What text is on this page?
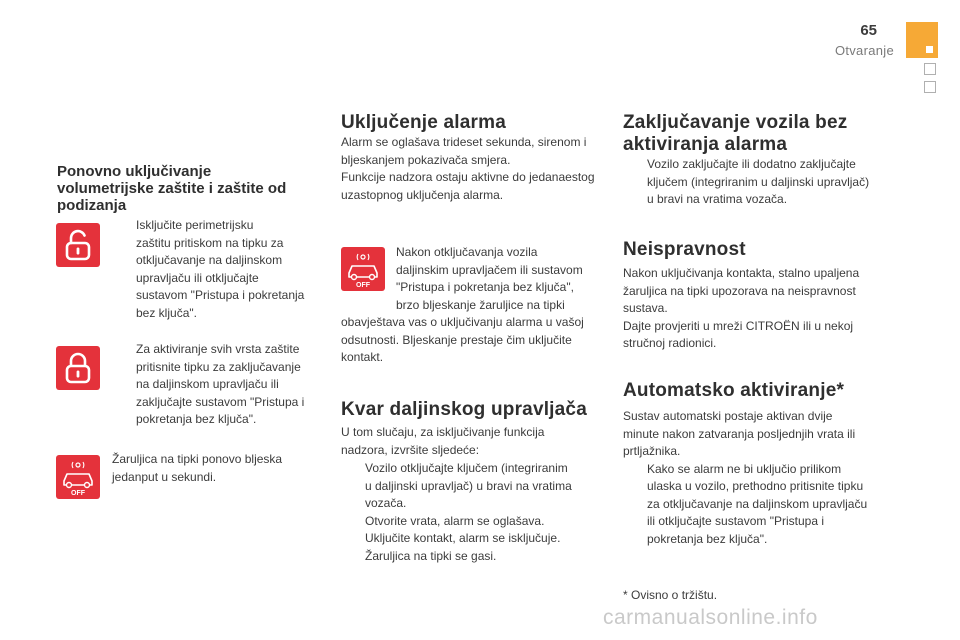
65
Otvaranje
Ponovno uključivanje volumetrijske zaštite i zaštite od podizanja
Isključite perimetrijsku
zaštitu pritiskom na tipku za
otključavanje na daljinskom
upravljaču ili otključajte
sustavom "Pristupa i pokretanja
bez ključa".
Za aktiviranje svih vrsta zaštite
pritisnite tipku za zaključavanje
na daljinskom upravljaču ili
zaključajte sustavom "Pristupa i
pokretanja bez ključa".
OFF
Žaruljica na tipki ponovo bljeska
jedanput u sekundi.
Uključenje alarma
Alarm se oglašava trideset sekunda, sirenom i
bljeskanjem pokazivača smjera.
Funkcije nadzora ostaju aktivne do jedanaestog
uzastopnog uključenja alarma.
OFF
Nakon otključavanja vozila
daljinskim upravljačem ili sustavom
"Pristupa i pokretanja bez ključa",
brzo bljeskanje žaruljice na tipki
obavještava vas o uključivanju alarma u vašoj
odsutnosti. Bljeskanje prestaje čim uključite
kontakt.
Kvar daljinskog upravljača
U tom slučaju, za isključivanje funkcija
nadzora, izvršite sljedeće:
Vozilo otključajte ključem (integriranim
u daljinski upravljač) u bravi na vratima
vozača.
Otvorite vrata, alarm se oglašava.
Uključite kontakt, alarm se isključuje.
Žaruljica na tipki se gasi.
Zaključavanje vozila bez aktiviranja alarma
Vozilo zaključajte ili dodatno zaključajte
ključem (integriranim u daljinski upravljač)
u bravi na vratima vozača.
Neispravnost
Nakon uključivanja kontakta, stalno upaljena
žaruljica na tipki upozorava na neispravnost
sustava.
Dajte provjeriti u mreži CITROËN ili u nekoj
stručnoj radionici.
Automatsko aktiviranje*
Sustav automatski postaje aktivan dvije
minute nakon zatvaranja posljednjih vrata ili
prtljažnika.
Kako se alarm ne bi uključio prilikom
ulaska u vozilo, prethodno pritisnite tipku
za otključavanje na daljinskom upravljaču
ili otključajte sustavom "Pristupa i
pokretanja bez ključa".
* Ovisno o tržištu.
carmanualsonline.info
